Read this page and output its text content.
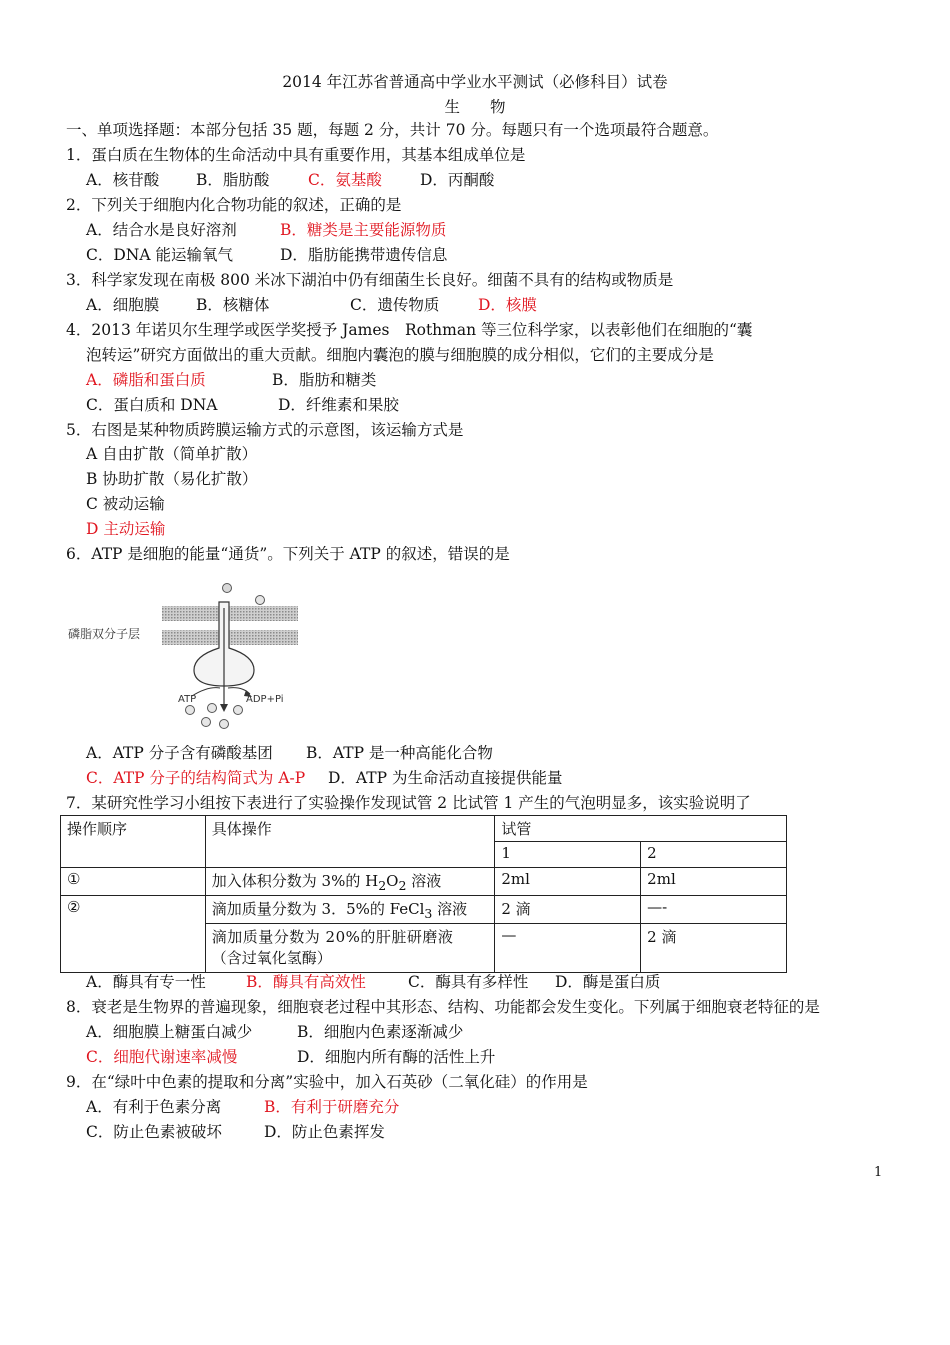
2014 年江苏省普通高中学业水平测试（必修科目）试卷
生物
一、单项选择题：本部分包括 35 题，每题 2 分，共计 70 分。每题只有一个选项最符合题意。
1．蛋白质在生物体的生命活动中具有重要作用，其基本组成单位是
A．核苷酸 B．脂肪酸 C．氨基酸 D．丙酮酸
2．下列关于细胞内化合物功能的叙述，正确的是
A．结合水是良好溶剂	B．糖类是主要能源物质
C．DNA 能运输氧气	D．脂肪能携带遗传信息
3．科学家发现在南极 800 米冰下湖泊中仍有细菌生长良好。细菌不具有的结构或物质是
A．细胞膜 B．核糖体	C．遗传物质 D．核膜
4．2013 年诺贝尔生理学或医学奖授予 James　Rothman 等三位科学家，以表彰他们在细胞的“囊
泡转运”研究方面做出的重大贡献。细胞内囊泡的膜与细胞膜的成分相似，它们的主要成分是
A．磷脂和蛋白质	B．脂肪和糖类
C．蛋白质和 DNA	D．纤维素和果胶
5．右图是某种物质跨膜运输方式的示意图，该运输方式是
A 自由扩散（简单扩散）
B 协助扩散（易化扩散）
C 被动运输
D 主动运输
6．ATP 是细胞的能量“通货”。下列关于 ATP 的叙述，错误的是
磷脂双分子层
ATP	ADP+Pi
A．ATP 分子含有磷酸基团 B．ATP 是一种高能化合物
C．ATP 分子的结构简式为 A-P D．ATP 为生命活动直接提供能量
7．某研究性学习小组按下表进行了实验操作发现试管 2 比试管 1 产生的气泡明显多，该实验说明了
操作顺序	具体操作	试管	
		1	2
①	加入体积分数为 3%的 $H_2O_2$ 溶液	2ml	2ml
②	滴加质量分数为 3．5%的 FeCl$_3$ 溶液	2 滴	—-

	滴加质量分数为 20%的肝脏研磨液
（含过氧化氢酶）	—	2 滴
A．酶具有专一性	B．酶具有高效性	C．酶具有多样性 D．酶是蛋白质
8．衰老是生物界的普遍现象，细胞衰老过程中其形态、结构、功能都会发生变化。下列属于细胞衰老特征的是
A．细胞膜上糖蛋白减少	B．细胞内色素逐渐减少
C．细胞代谢速率减慢	D．细胞内所有酶的活性上升
9．在“绿叶中色素的提取和分离”实验中，加入石英砂（二氧化硅）的作用是
A．有利于色素分离	B．有利于研磨充分
C．防止色素被破坏	D．防止色素挥发
1
